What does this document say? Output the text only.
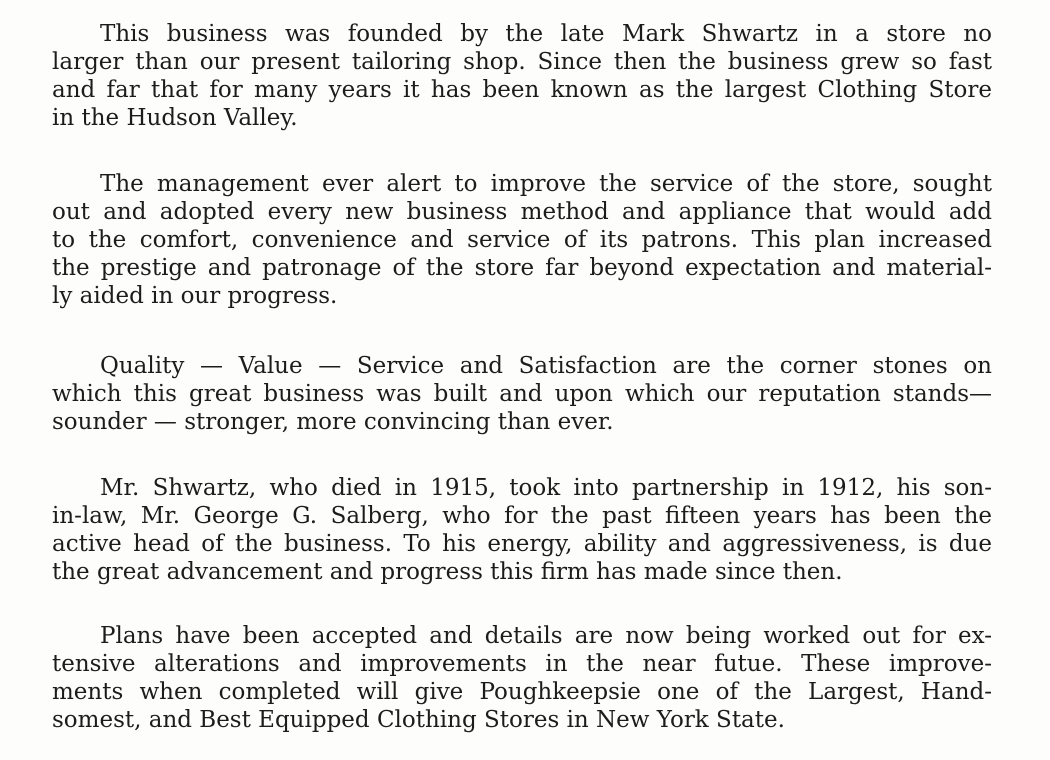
This business was founded by the late Mark Shwartz in a store no
larger than our present tailoring shop. Since then the business grew so fast
and far that for many years it has been known as the largest Clothing Store
in the Hudson Valley.
The management ever alert to improve the service of the store, sought
out and adopted every new business method and appliance that would add
to the comfort, convenience and service of its patrons. This plan increased
the prestige and patronage of the store far beyond expectation and material-
ly aided in our progress.
Quality — Value — Service and Satisfaction are the corner stones on
which this great business was built and upon which our reputation stands—
sounder — stronger, more convincing than ever.
Mr. Shwartz, who died in 1915, took into partnership in 1912, his son-
in-law, Mr. George G. Salberg, who for the past fifteen years has been the
active head of the business. To his energy, ability and aggressiveness, is due
the great advancement and progress this firm has made since then.
Plans have been accepted and details are now being worked out for ex-
tensive alterations and improvements in the near futue. These improve-
ments when completed will give Poughkeepsie one of the Largest, Hand-
somest, and Best Equipped Clothing Stores in New York State.
